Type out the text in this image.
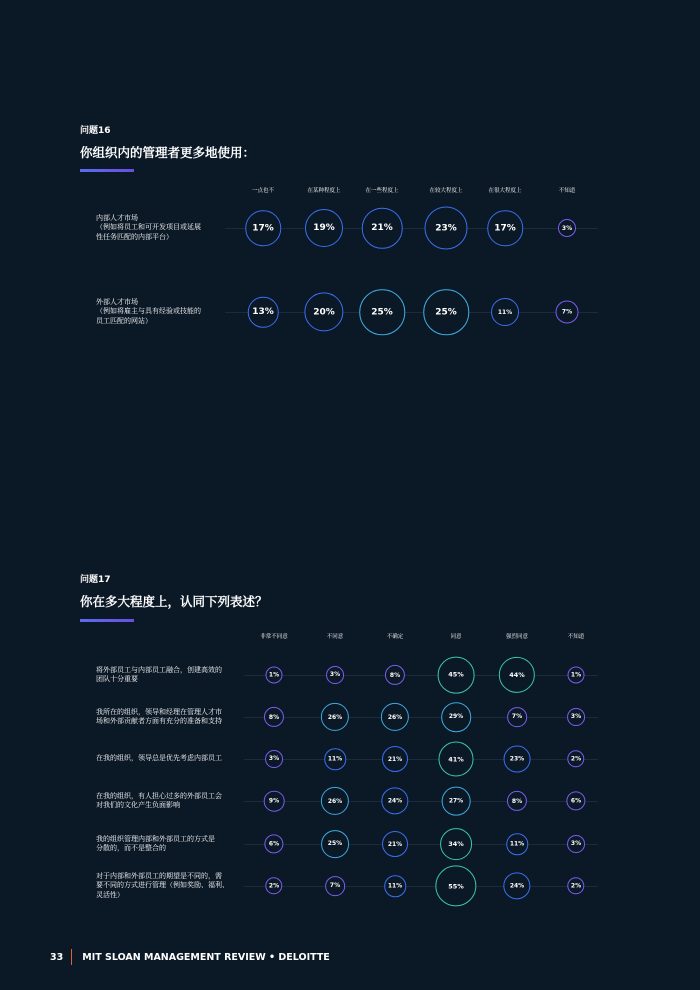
问题16
你组织内的管理者更多地使用：
一点也不	在某种程度上	在一些程度上	在较大程度上	在很大程度上	不知道
内部人才市场
（例如将员工和可开发项目或延展
性任务匹配的内部平台）
17%	19%	21%	23%	17%	3%
外部人才市场
（例如将雇主与具有经验或技能的
员工匹配的网站）
13%	20%	25%	25%	11%	7%
问题17
你在多大程度上，认同下列表述？
非常不同意	不同意	不确定	同意	强烈同意	不知道
将外部员工与内部员工融合，创建高效的
团队十分重要	1%	3%	8%	45%	44%	1%
我所在的组织，领导和经理在管理人才市
场和外部贡献者方面有充分的准备和支持
8%	26%	26%	29%	7%	3%
在我的组织，领导总是优先考虑内部员工	3%	11%	21%	41%	23%	2%
在我的组织，有人担心过多的外部员工会
对我们的文化产生负面影响	9%	26%	24%	27%	8%	6%
我的组织管理内部和外部员工的方式是
分散的，而不是整合的	6%	25%	21%	34%	11%	3%
对于内部和外部员工的期望是不同的，需
要不同的方式进行管理（例如奖励、福利、
灵活性）
2%	7%	11%	55%	24%	2%
33 MIT SLOAN MANAGEMENT REVIEW • DELOITTE
